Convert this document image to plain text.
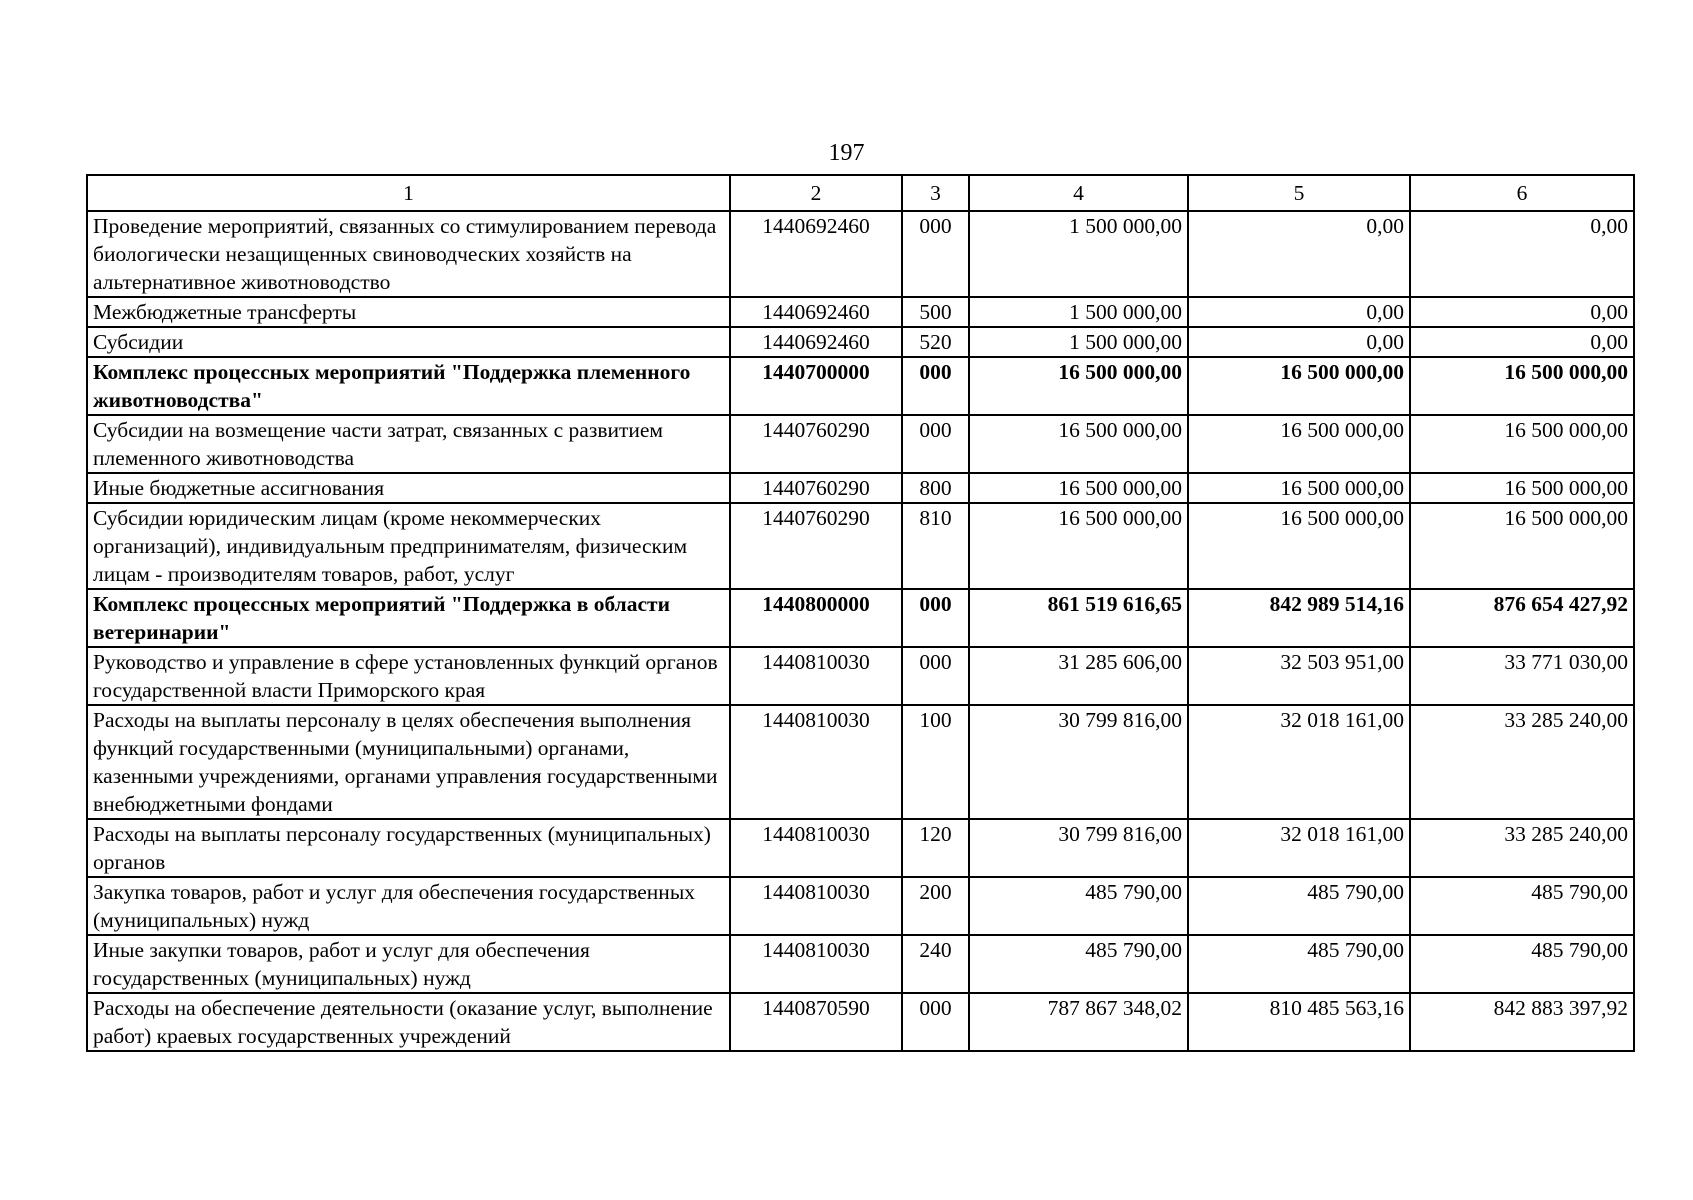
197
1	2	3	4	5	6
Проведение мероприятий, связанных со стимулированием перевода биологически незащищенных свиноводческих хозяйств на альтернативное животноводство	1440692460	000	1 500 000,00	0,00	0,00
Межбюджетные трансферты	1440692460	500	1 500 000,00	0,00	0,00
Субсидии	1440692460	520	1 500 000,00	0,00	0,00
Комплекс процессных мероприятий "Поддержка племенного животноводства"	1440700000	000	16 500 000,00	16 500 000,00	16 500 000,00
Субсидии на возмещение части затрат, связанных с развитием племенного животноводства	1440760290	000	16 500 000,00	16 500 000,00	16 500 000,00
Иные бюджетные ассигнования	1440760290	800	16 500 000,00	16 500 000,00	16 500 000,00
Субсидии юридическим лицам (кроме некоммерческих организаций), индивидуальным предпринимателям, физическим лицам - производителям товаров, работ, услуг	1440760290	810	16 500 000,00	16 500 000,00	16 500 000,00
Комплекс процессных мероприятий "Поддержка в области ветеринарии"	1440800000	000	861 519 616,65	842 989 514,16	876 654 427,92
Руководство и управление в сфере установленных функций органов государственной власти Приморского края	1440810030	000	31 285 606,00	32 503 951,00	33 771 030,00
Расходы на выплаты персоналу в целях обеспечения выполнения функций государственными (муниципальными) органами, казенными учреждениями, органами управления государственными внебюджетными фондами	1440810030	100	30 799 816,00	32 018 161,00	33 285 240,00
Расходы на выплаты персоналу государственных (муниципальных) органов	1440810030	120	30 799 816,00	32 018 161,00	33 285 240,00
Закупка товаров, работ и услуг для обеспечения государственных (муниципальных) нужд	1440810030	200	485 790,00	485 790,00	485 790,00
Иные закупки товаров, работ и услуг для обеспечения государственных (муниципальных) нужд	1440810030	240	485 790,00	485 790,00	485 790,00
Расходы на обеспечение деятельности (оказание услуг, выполнение работ) краевых государственных учреждений	1440870590	000	787 867 348,02	810 485 563,16	842 883 397,92
